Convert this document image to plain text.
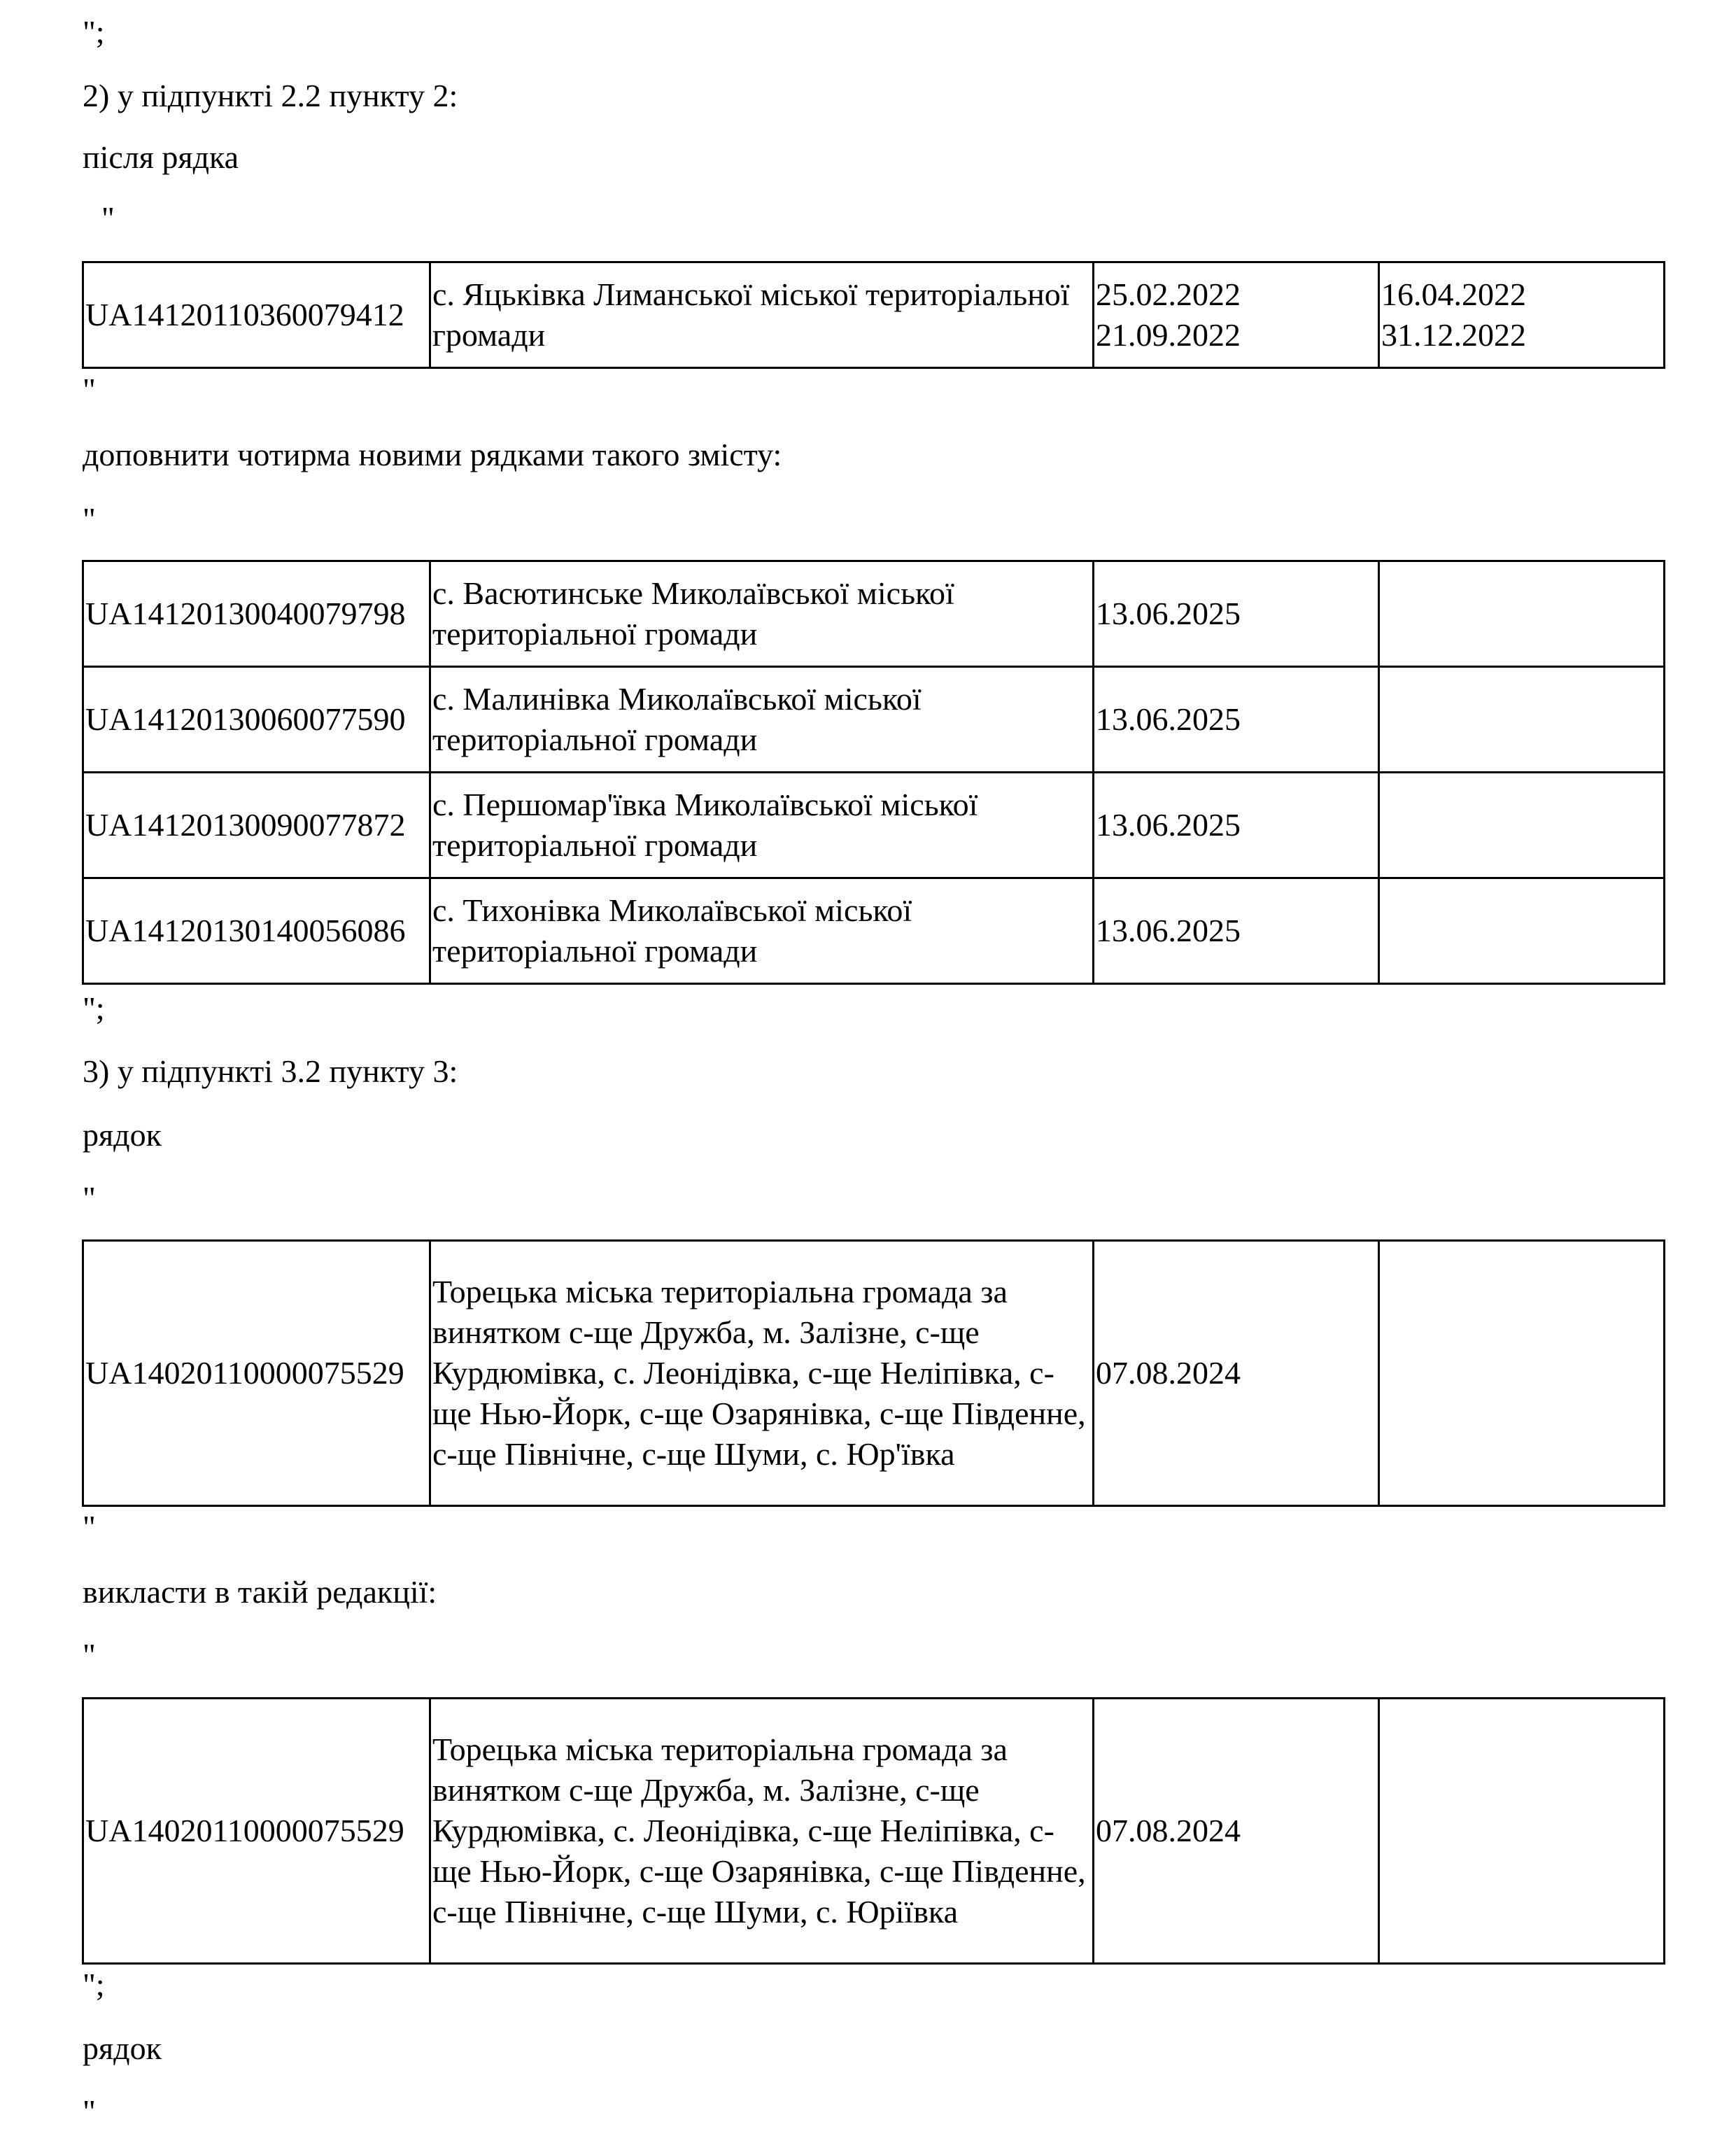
";
2) у підпункті 2.2 пункту 2:
після рядка
"
UA14120110360079412	с. Яцьківка Лиманської міської територіальної громади	25.02.2022 21.09.2022	16.04.2022 31.12.2022
"
доповнити чотирма новими рядками такого змісту:
"
UA14120130040079798	с. Васютинське Миколаївської міської територіальної громади	13.06.2025	
UA14120130060077590	с. Малинівка Миколаївської міської територіальної громади	13.06.2025	
UA14120130090077872	с. Першомар'ївка Миколаївської міської територіальної громади	13.06.2025	
UA14120130140056086	с. Тихонівка Миколаївської міської територіальної громади	13.06.2025	
";
3) у підпункті 3.2 пункту 3:
рядок
"
UA14020110000075529	Торецька міська територіальна громада за винятком с-ще Дружба, м. Залізне, с-ще Курдюмівка, с. Леонідівка, с-ще Неліпівка, с-ще Нью-Йорк, с-ще Озарянівка, с-ще Південне, с-ще Північне, с-ще Шуми, с. Юр'ївка	07.08.2024	
"
викласти в такій редакції:
"
UA14020110000075529	Торецька міська територіальна громада за винятком с-ще Дружба, м. Залізне, с-ще Курдюмівка, с. Леонідівка, с-ще Неліпівка, с-ще Нью-Йорк, с-ще Озарянівка, с-ще Південне, с-ще Північне, с-ще Шуми, с. Юріївка	07.08.2024	
";
рядок
"
